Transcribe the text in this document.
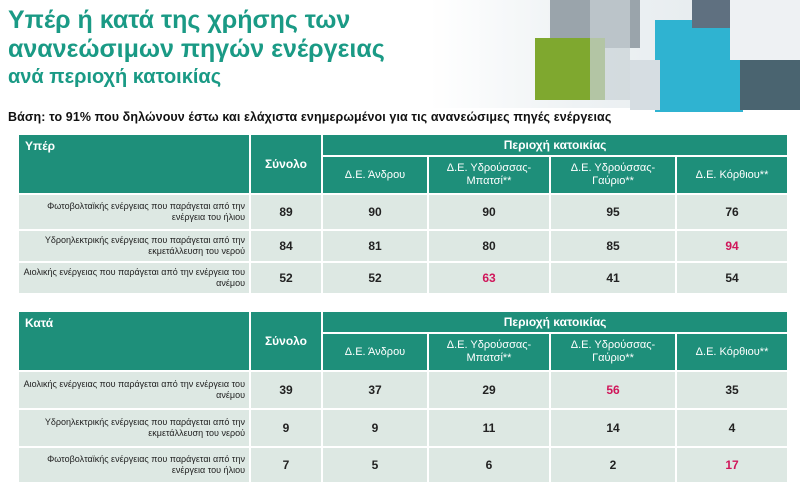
Υπέρ ή κατά της χρήσης των
ανανεώσιμων πηγών ενέργειας
ανά περιοχή κατοικίας
Βάση: το 91% που δηλώνουν έστω και ελάχιστα ενημερωμένοι για τις ανανεώσιμες πηγές ενέργειας
Υπέρ	Σύνολο	Περιοχή κατοικίας			
		Δ.Ε. Άνδρου	Δ.Ε. Υδρούσσας-Μπατσί**	Δ.Ε. Υδρούσσας-Γαύριο**	Δ.Ε. Κόρθιου**
Φωτοβολταϊκής ενέργειας που παράγεται από την ενέργεια του ήλιου	89	90	90	95	76
Υδροηλεκτρικής ενέργειας που παράγεται από την εκμετάλλευση του νερού	84	81	80	85	94
Αιολικής ενέργειας που παράγεται από την ενέργεια του ανέμου	52	52	63	41	54
Κατά	Σύνολο	Περιοχή κατοικίας			
		Δ.Ε. Άνδρου	Δ.Ε. Υδρούσσας-Μπατσί**	Δ.Ε. Υδρούσσας-Γαύριο**	Δ.Ε. Κόρθιου**
Αιολικής ενέργειας που παράγεται από την ενέργεια του ανέμου	39	37	29	56	35
Υδροηλεκτρικής ενέργειας που παράγεται από την εκμετάλλευση του νερού	9	9	11	14	4
Φωτοβολταϊκής ενέργειας που παράγεται από την ενέργεια του ήλιου	7	5	6	2	17
